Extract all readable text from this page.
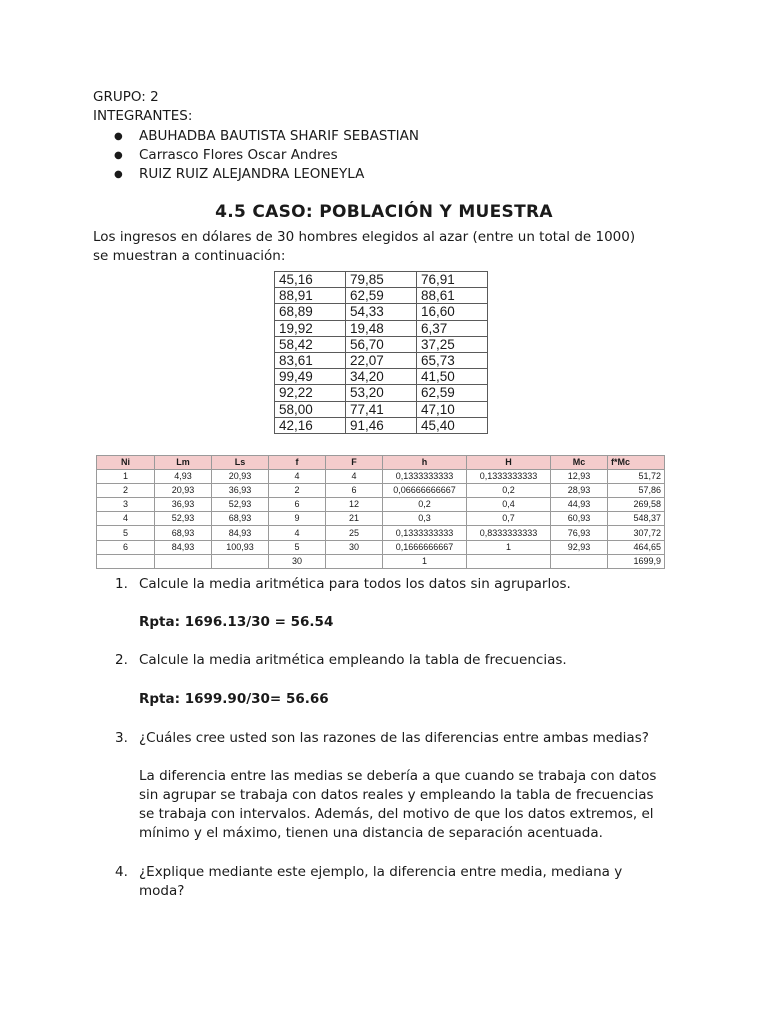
GRUPO: 2
INTEGRANTES:
● ABUHADBA BAUTISTA SHARIF SEBASTIAN
● Carrasco Flores Oscar Andres
● RUIZ RUIZ ALEJANDRA LEONEYLA
4.5 CASO: POBLACIÓN Y MUESTRA
Los ingresos en dólares de 30 hombres elegidos al azar (entre un total de 1000)
se muestran a continuación:
45,16	79,85	76,91
88,91	62,59	88,61
68,89	54,33	16,60
19,92	19,48	6,37
58,42	56,70	37,25
83,61	22,07	65,73
99,49	34,20	41,50
92,22	53,20	62,59
58,00	77,41	47,10
42,16	91,46	45,40
Ni	Lm	Ls	f	F	h	H	Mc	f*Mc
1	4,93	20,93	4	4	0,1333333333	0,1333333333	12,93	51,72
2	20,93	36,93	2	6	0,06666666667	0,2	28,93	57,86
3	36,93	52,93	6	12	0,2	0,4	44,93	269,58
4	52,93	68,93	9	21	0,3	0,7	60,93	548,37
5	68,93	84,93	4	25	0,1333333333	0,8333333333	76,93	307,72
6	84,93	100,93	5	30	0,1666666667	1	92,93	464,65
			30		1			1699,9
1. Calcule la media aritmética para todos los datos sin agruparlos.
Rpta: 1696.13/30 = 56.54
2. Calcule la media aritmética empleando la tabla de frecuencias.
Rpta: 1699.90/30= 56.66
3. ¿Cuáles cree usted son las razones de las diferencias entre ambas medias?
La diferencia entre las medias se debería a que cuando se trabaja con datos sin agrupar se trabaja con datos reales y empleando la tabla de frecuencias se trabaja con intervalos. Además, del motivo de que los datos extremos, el mínimo y el máximo, tienen una distancia de separación acentuada.
4. ¿Explique mediante este ejemplo, la diferencia entre media, mediana y moda?
